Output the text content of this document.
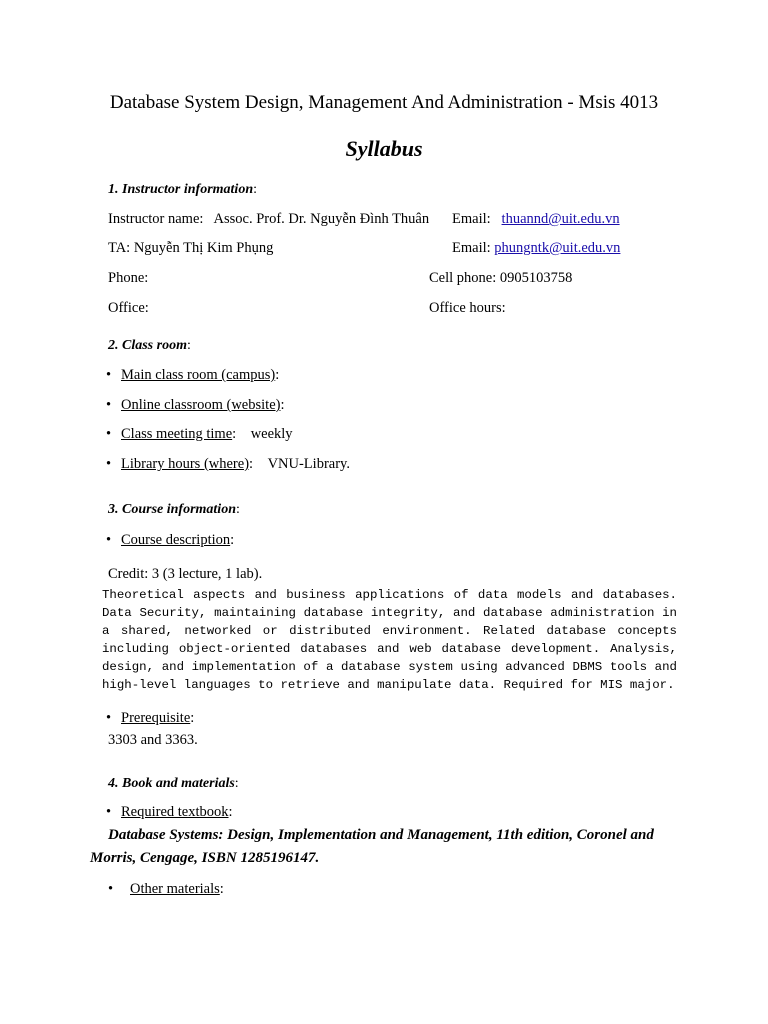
Database System Design, Management And Administration - Msis 4013
Syllabus
1. Instructor information:
Instructor name: Assoc. Prof. Dr. Nguyễn Đình Thuân Email: thuannd@uit.edu.vn
TA: Nguyễn Thị Kim Phụng	Email: phungntk@uit.edu.vn
Phone:	Cell phone: 0905103758
Office:	Office hours:
2. Class room:
• Main class room (campus):
• Online classroom (website):
• Class meeting time:    weekly
• Library hours (where):    VNU-Library.
3. Course information:
• Course description:
Credit: 3 (3 lecture, 1 lab).
Theoretical aspects and business applications of data models and databases. Data Security, maintaining database integrity, and database administration in a shared, networked or distributed environment. Related database concepts including object-oriented databases and web database development. Analysis, design, and implementation of a database system using advanced DBMS tools and high-level languages to retrieve and manipulate data. Required for MIS major.
• Prerequisite:
3303 and 3363.
4. Book and materials:
• Required textbook:
Database Systems: Design, Implementation and Management, 11th edition, Coronel and Morris, Cengage, ISBN 1285196147.
• Other materials:
